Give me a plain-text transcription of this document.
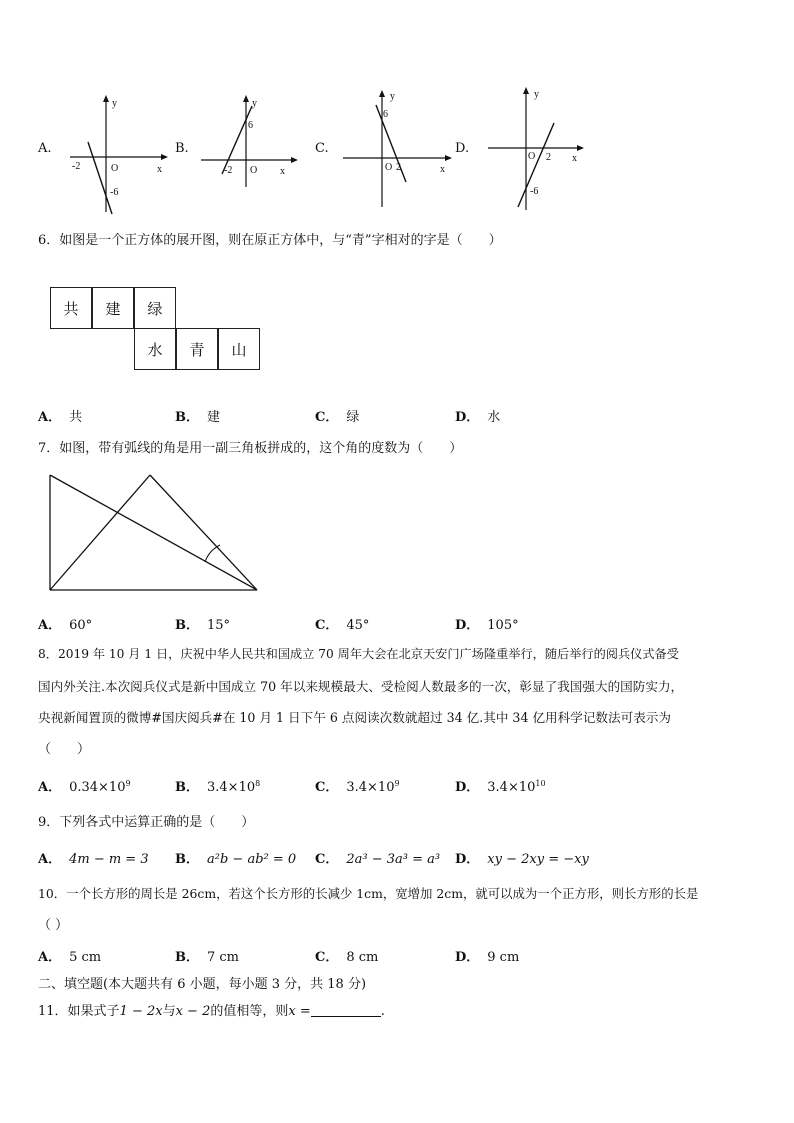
A.
y
x
-2	O
-6
B.
y
x
-2 O
6
C.
y
x
6
O 2
D.
y
x
O 2
-6
6．如图是一个正方体的展开图，则在原正方体中，与“青”字相对的字是（　　）
共	建	绿
水	青	山
A． 共	B． 建	C． 绿	D． 水
7．如图，带有弧线的角是用一副三角板拼成的，这个角的度数为（　　）
A． 60°	B． 15°	C． 45°	D． 105°
8．2019 年 10 月 1 日，庆祝中华人民共和国成立 70 周年大会在北京天安门广场隆重举行，随后举行的阅兵仪式备受
国内外关注.本次阅兵仪式是新中国成立 70 年以来规模最大、受检阅人数最多的一次，彰显了我国强大的国防实力，
央视新闻置顶的微博#国庆阅兵#在 10 月 1 日下午 6 点阅读次数就超过 34 亿.其中 34 亿用科学记数法可表示为
（　　）
A． $0.34\times 10^9$	B． $3.4\times 10^8$	C． $3.4\times 10^9$	D． $3.4\times 10^{10}$
9．下列各式中运算正确的是（　　）
A． 4m − m = 3 B． a²b − ab² = 0 C． 2a³ − 3a³ = a³ D． xy − 2xy = −xy
10．一个长方形的周长是 26cm，若这个长方形的长减少 1cm，宽增加 2cm，就可以成为一个正方形，则长方形的长是
（ ）
A． 5 cm	B． 7 cm	C． 8 cm	D． 9 cm
二、填空题(本大题共有 6 小题，每小题 3 分，共 18 分)
11．如果式子1 − 2x与x − 2的值相等，则x =	.
